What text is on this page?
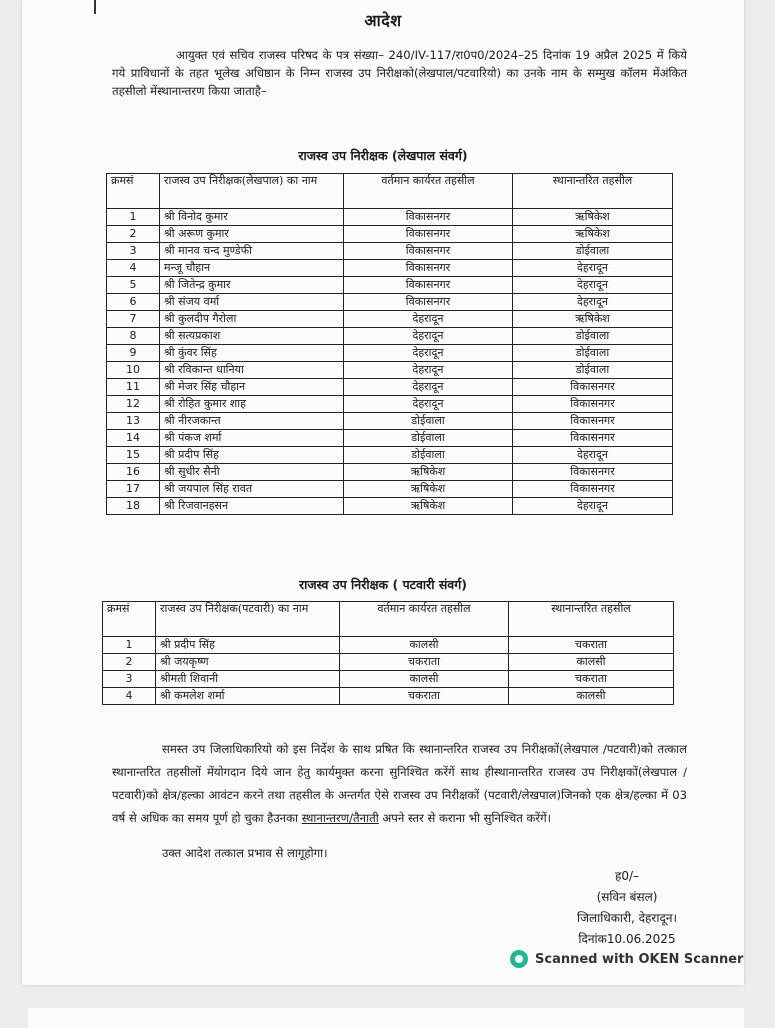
आदेश
आयुक्त एवं सचिव राजस्व परिषद के पत्र संख्या– 240/IV-117/रा0प0/2024–25 दिनांक 19 अप्रैल 2025 में किये गये प्राविधानों के तहत भूलेख अधिष्ठान के निम्न राजस्व उप निरीक्षको(लेखपाल/पटवारियो) का उनके नाम के सम्मुख कॉलम मेंअंकित तहसीलो मेंस्थानान्तरण किया जाताहै–
राजस्व उप निरीक्षक (लेखपाल संवर्ग)
क्रमसं	राजस्व उप निरीक्षक(लेखपाल) का नाम	वर्तमान कार्यरत तहसील	स्थानान्तरित तहसील
1	श्री विनोद कुमार	विकासनगर	ऋषिकेश
2	श्री अरूण कुमार	विकासनगर	ऋषिकेश
3	श्री मानव चन्द मुण्डेफी	विकासनगर	डोईवाला
4	मन्जू चौहान	विकासनगर	देहरादून
5	श्री जितेन्द्र कुमार	विकासनगर	देहरादून
6	श्री संजय वर्मा	विकासनगर	देहरादून
7	श्री कुलदीप गैरोला	देहरादून	ऋषिकेश
8	श्री सत्यप्रकाश	देहरादून	डोईवाला
9	श्री कुंवर सिंह	देहरादून	डोईवाला
10	श्री रविकान्त धानिया	देहरादून	डोईवाला
11	श्री मेजर सिंह चौहान	देहरादून	विकासनगर
12	श्री रोहित कुमार शाह	देहरादून	विकासनगर
13	श्री नीरजकान्त	डोईवाला	विकासनगर
14	श्री पंकज शर्मा	डोईवाला	विकासनगर
15	श्री प्रदीप सिंह	डोईवाला	देहरादून
16	श्री सुधीर सैनी	ऋषिकेश	विकासनगर
17	श्री जयपाल सिंह रावत	ऋषिकेश	विकासनगर
18	श्री रिजवानहसन	ऋषिकेश	देहरादून
राजस्व उप निरीक्षक ( पटवारी संवर्ग)
क्रमसं	राजस्व उप निरीक्षक(पटवारी) का नाम	वर्तमान कार्यरत तहसील	स्थानान्तरित तहसील
1	श्री प्रदीप सिंह	कालसी	चकराता
2	श्री जयकृष्ण	चकराता	कालसी
3	श्रीमती शिवानी	कालसी	चकराता
4	श्री कमलेश शर्मा	चकराता	कालसी
समस्त उप जिलाधिकारियो को इस निर्देश के साथ प्रषित कि स्थानान्तरित राजस्व उप निरीक्षकों(लेखपाल /पटवारी)को तत्काल स्थानान्तरित तहसीलों मेंयोगदान दिये जान हेतु कार्यमुक्त करना सुनिश्चित करेंगें साथ हीस्थानान्तरित राजस्व उप निरीक्षकों(लेखपाल /पटवारी)को क्षेत्र/हल्का आवंटन करने तथा तहसील के अन्तर्गत ऐसे राजस्व उप निरीक्षकों (पटवारी/लेखपाल)जिनको एक क्षेत्र/हल्का में 03 वर्ष से अधिक का समय पूर्ण हो चुका हैउनका स्थानान्तरण/तैनाती अपने स्तर से कराना भी सुनिश्चित करेंगें।
उक्त आदेश तत्काल प्रभाव से लागूहोगा।
ह0/–
(सविन बंसल)
जिलाधिकारी, देहरादून।
दिनांक10.06.2025
Scanned with OKEN Scanner
